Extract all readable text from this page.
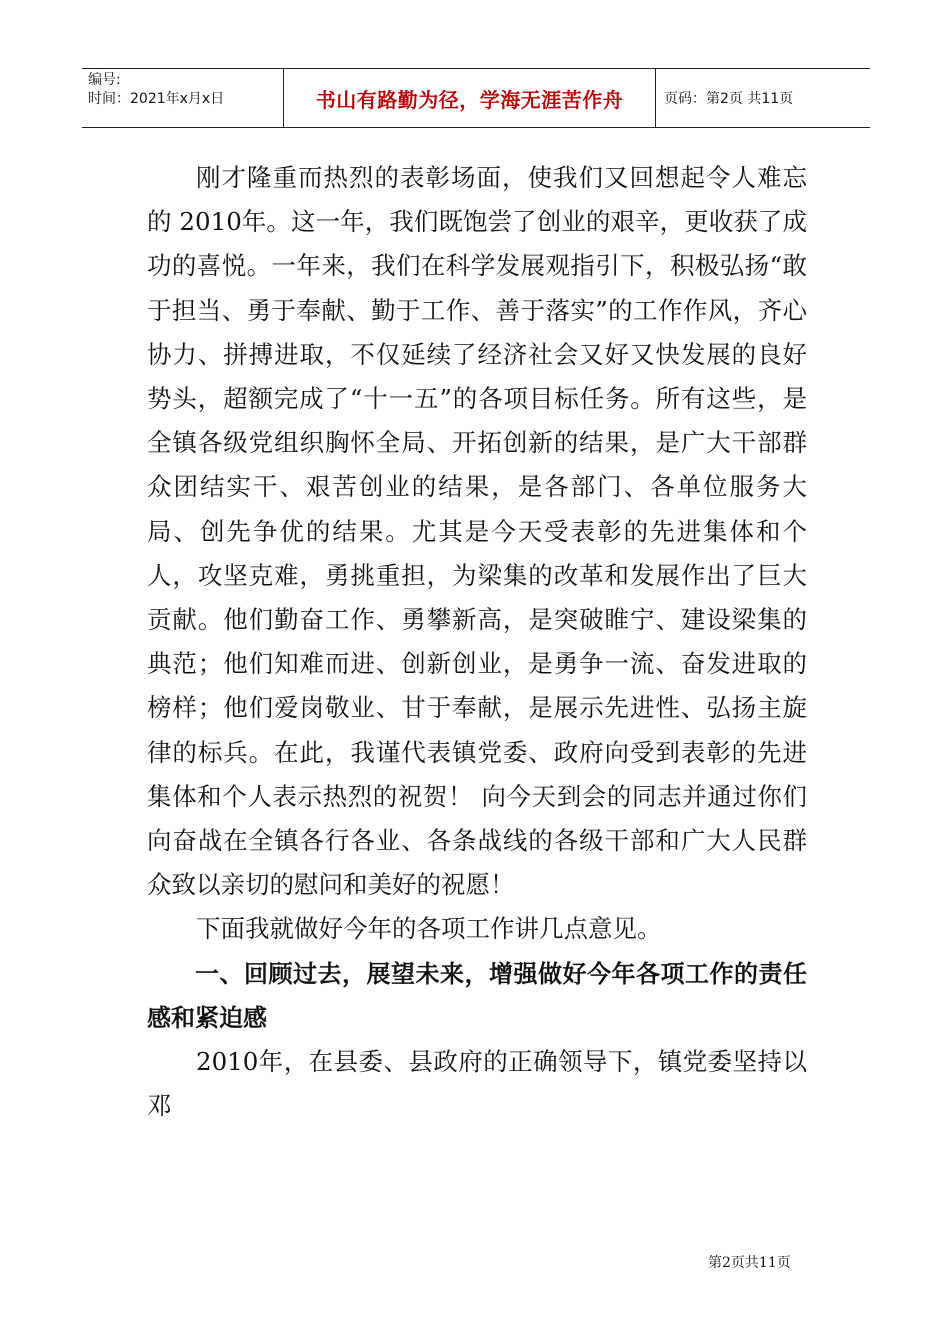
编号:
时间：2021年x月x日	书山有路勤为径，学海无涯苦作舟	页码：第2页 共11页

刚才隆重而热烈的表彰场面，使我们又回想起令人难忘的 2010年。这一年，我们既饱尝了创业的艰辛，更收获了成功的喜悦。一年来，我们在科学发展观指引下，积极弘扬“敢于担当、勇于奉献、勤于工作、善于落实”的工作作风，齐心协力、拼搏进取，不仅延续了经济社会又好又快发展的良好势头，超额完成了“十一五”的各项目标任务。所有这些，是全镇各级党组织胸怀全局、开拓创新的结果，是广大干部群众团结实干、艰苦创业的结果，是各部门、各单位服务大局、创先争优的结果。尤其是今天受表彰的先进集体和个人，攻坚克难，勇挑重担，为梁集的改革和发展作出了巨大贡献。他们勤奋工作、勇攀新高，是突破睢宁、建设梁集的典范；他们知难而进、创新创业，是勇争一流、奋发进取的榜样；他们爱岗敬业、甘于奉献，是展示先进性、弘扬主旋律的标兵。在此，我谨代表镇党委、政府向受到表彰的先进集体和个人表示热烈的祝贺！ 向今天到会的同志并通过你们向奋战在全镇各行各业、各条战线的各级干部和广大人民群众致以亲切的慰问和美好的祝愿！

下面我就做好今年的各项工作讲几点意见。

一、回顾过去，展望未来，增强做好今年各项工作的责任感和紧迫感

2010年，在县委、县政府的正确领导下，镇党委坚持以邓

第2页共11页
